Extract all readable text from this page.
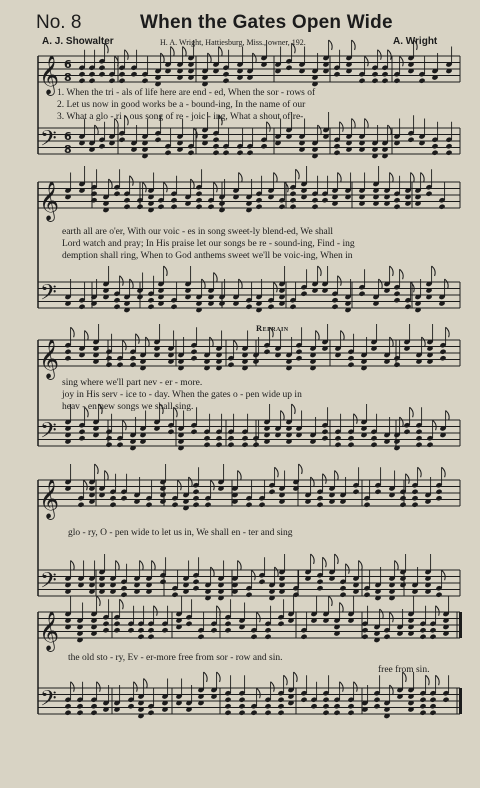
No. 8	When the Gates Open Wide
A. J. Showalter	H. A. Wright, Hattiesburg, Miss., owner, 192.	A. Wright
𝄞
𝄢
6
8
6
8
𝄞
𝄢
𝄞
𝄢
𝄞
𝄢
𝄞
𝄢
1. When the tri - als of life here are end - ed, When the sor - rows of
2. Let us now in good works be a - bound-ing, In the name of our
3. What a glo - ri - ous song of re - joic - ing, What a shout of re-
earth all are o'er, With our voic - es in song sweet-ly blend-ed, We shall
Lord watch and pray; In His praise let our songs be re - sound-ing, Find - ing
demption shall ring, When to God anthems sweet we'll be voic-ing, When in
Refrain
sing where we'll part nev - er - more.
joy in His serv - ice to - day. When the gates o - pen wide up in
heav - en new songs we shall sing.
glo - ry, O - pen wide to let us in, We shall en - ter and sing
the old sto - ry, Ev - er-more free from sor - row and sin.
free from sin.
